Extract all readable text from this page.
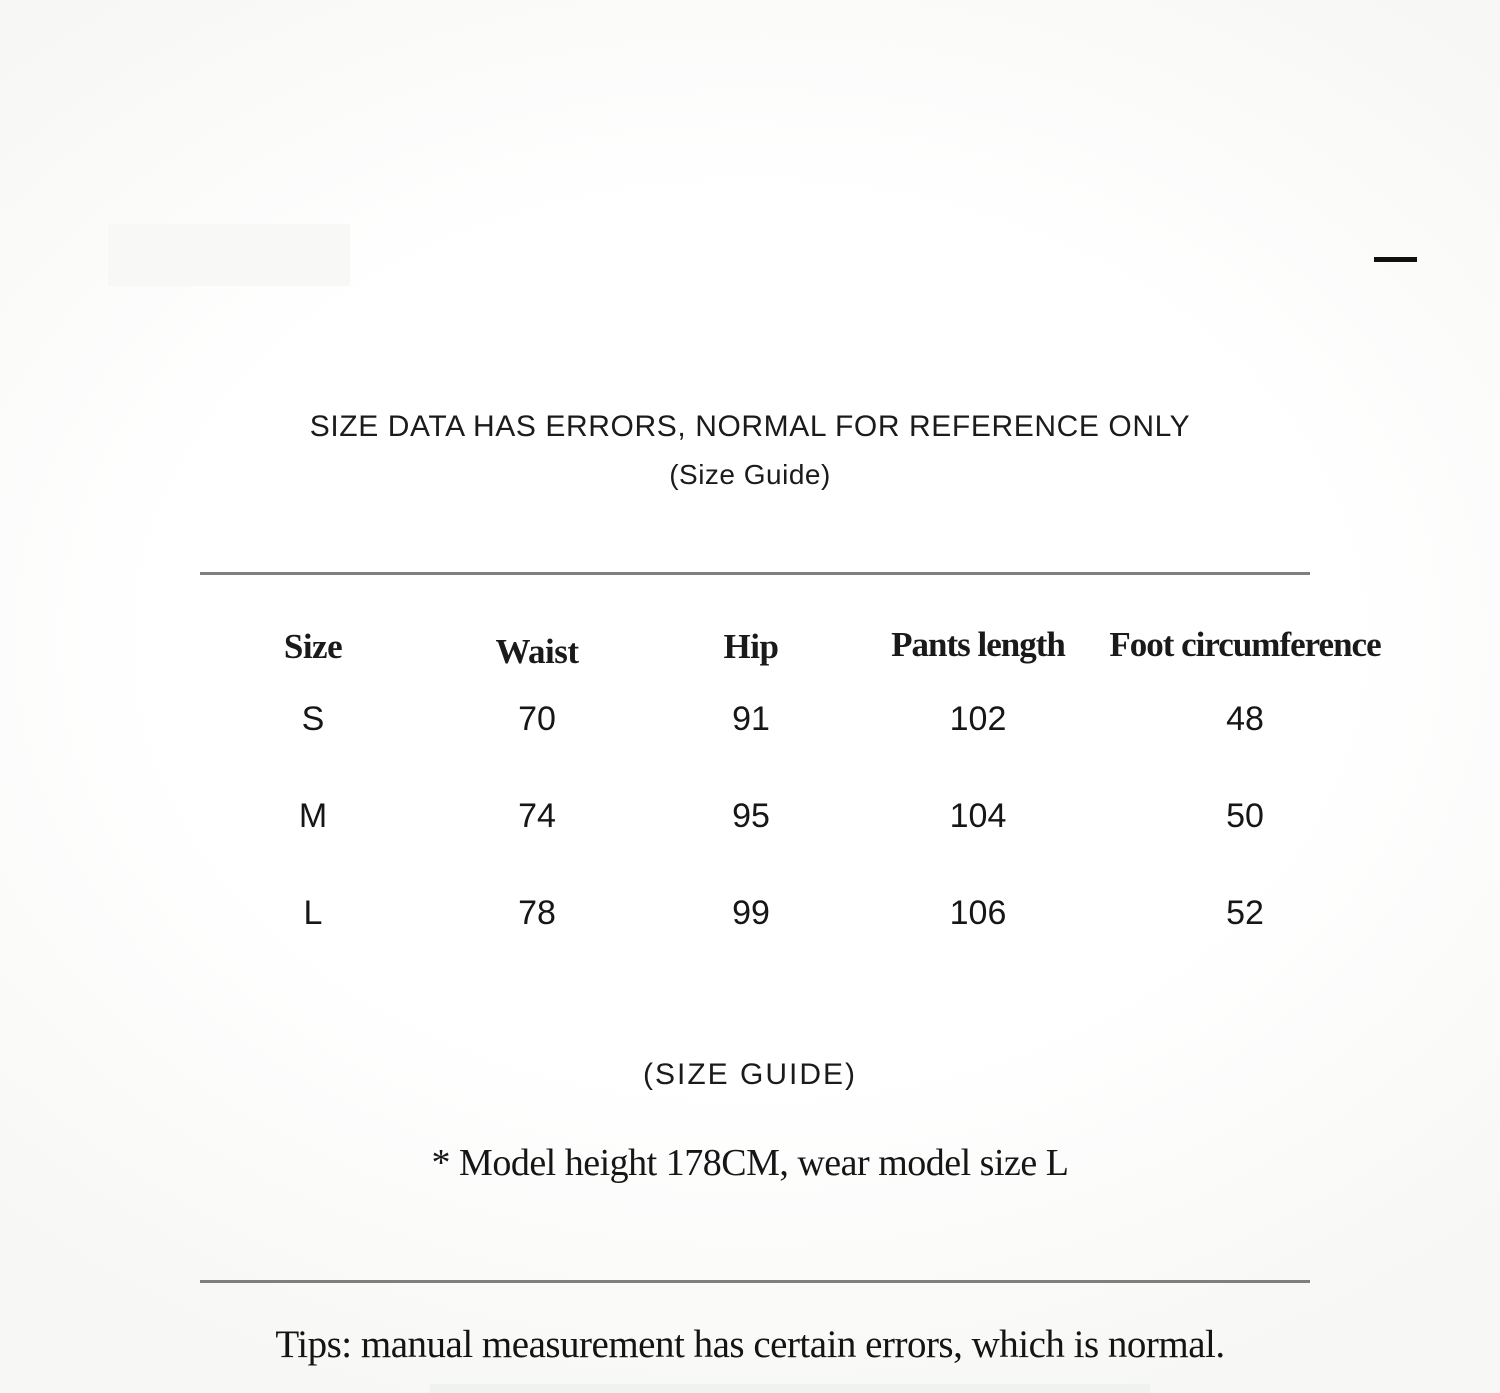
SIZE DATA HAS ERRORS, NORMAL FOR REFERENCE ONLY
(Size Guide)
Size	Waist	Hip	Pants length	Foot circumference
S	70	91	102	48
M	74	95	104	50
L	78	99	106	52
(SIZE GUIDE)
* Model height 178CM, wear model size L
Tips: manual measurement has certain errors, which is normal.
